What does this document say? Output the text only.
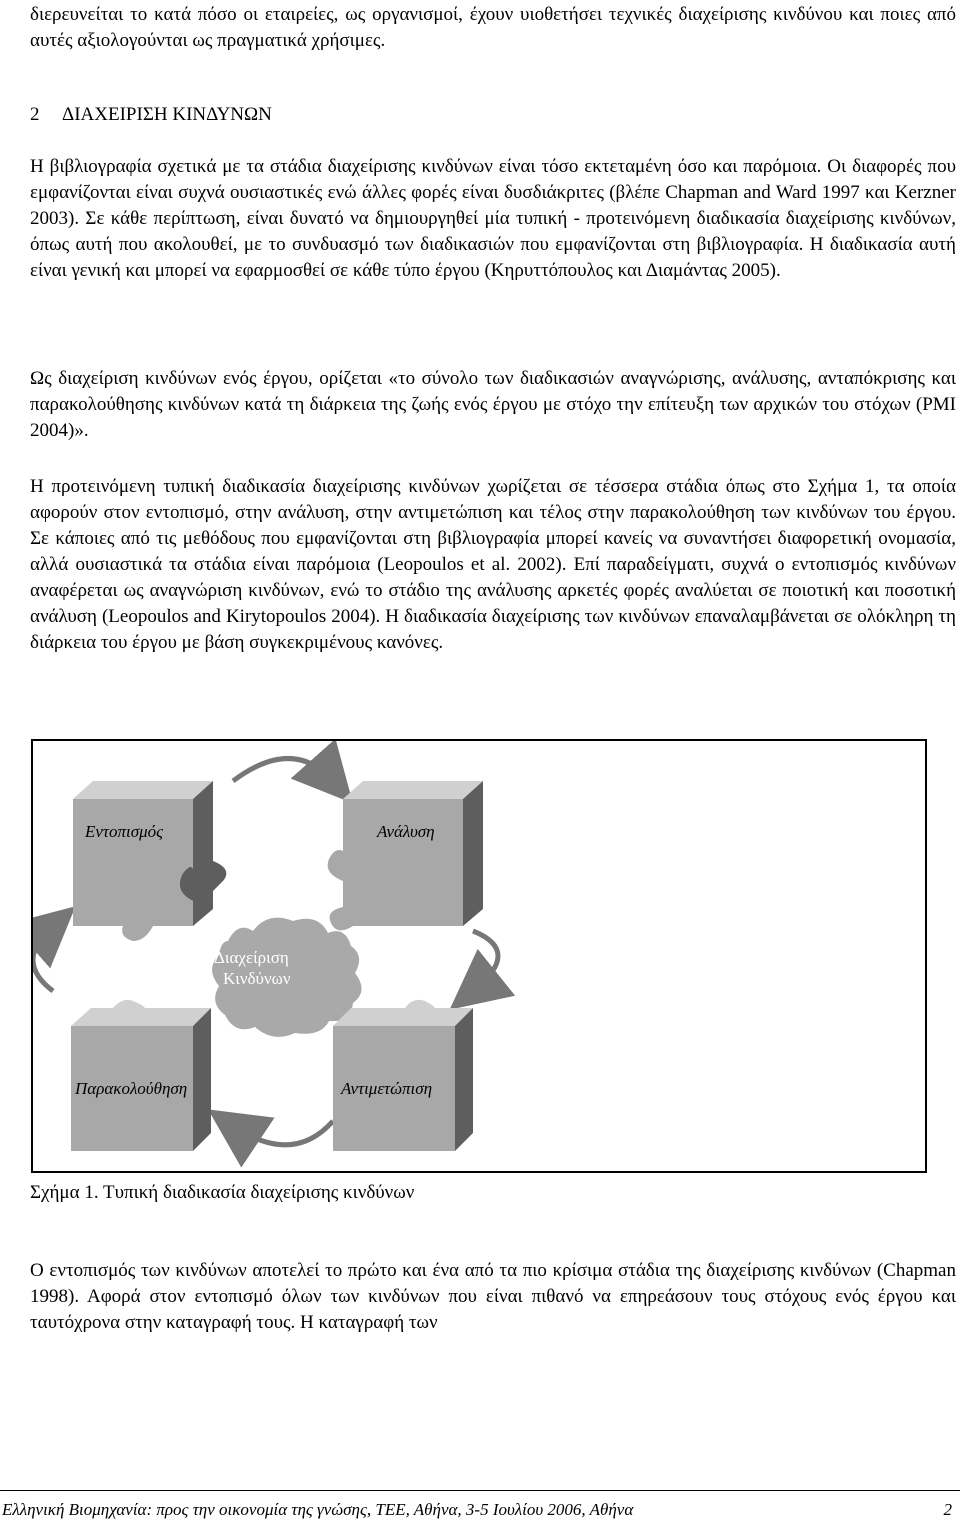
διερευνείται το κατά πόσο οι εταιρείες, ως οργανισμοί, έχουν υιοθετήσει τεχνικές διαχείρισης κινδύνου και ποιες από αυτές αξιολογούνται ως πραγματικά χρήσιμες.

2 ΔΙΑΧΕΙΡΙΣΗ ΚΙΝΔΥΝΩΝ

Η βιβλιογραφία σχετικά με τα στάδια διαχείρισης κινδύνων είναι τόσο εκτεταμένη όσο και παρόμοια. Οι διαφορές που εμφανίζονται είναι συχνά ουσιαστικές ενώ άλλες φορές είναι δυσδιάκριτες (βλέπε Chapman and Ward 1997 και Kerzner 2003). Σε κάθε περίπτωση, είναι δυνατό να δημιουργηθεί μία τυπική - προτεινόμενη διαδικασία διαχείρισης κινδύνων, όπως αυτή που ακολουθεί, με το συνδυασμό των διαδικασιών που εμφανίζονται στη βιβλιογραφία. Η διαδικασία αυτή είναι γενική και μπορεί να εφαρμοσθεί σε κάθε τύπο έργου (Κηρυττόπουλος και Διαμάντας 2005).

Ως διαχείριση κινδύνων ενός έργου, ορίζεται «το σύνολο των διαδικασιών αναγνώρισης, ανάλυσης, ανταπόκρισης και παρακολούθησης κινδύνων κατά τη διάρκεια της ζωής ενός έργου με στόχο την επίτευξη των αρχικών του στόχων (PMI 2004)».

Η προτεινόμενη τυπική διαδικασία διαχείρισης κινδύνων χωρίζεται σε τέσσερα στάδια όπως στο Σχήμα 1, τα οποία αφορούν στον εντοπισμό, στην ανάλυση, στην αντιμετώπιση και τέλος στην παρακολούθηση των κινδύνων του έργου. Σε κάποιες από τις μεθόδους που εμφανίζονται στη βιβλιογραφία μπορεί κανείς να συναντήσει διαφορετική ονομασία, αλλά ουσιαστικά τα στάδια είναι παρόμοια (Leopoulos et al. 2002). Επί παραδείγματι, συχνά ο εντοπισμός κινδύνων αναφέρεται ως αναγνώριση κινδύνων, ενώ το στάδιο της ανάλυσης αρκετές φορές αναλύεται σε ποιοτική και ποσοτική ανάλυση (Leopoulos and Kirytopoulos 2004). Η διαδικασία διαχείρισης των κινδύνων επαναλαμβάνεται σε ολόκληρη τη διάρκεια του έργου με βάση συγκεκριμένους κανόνες.

Εντοπισμός	Ανάλυση
Διαχείριση
Κινδύνων
Παρακολούθηση	Αντιμετώπιση

Σχήμα 1. Τυπική διαδικασία διαχείρισης κινδύνων

Ο εντοπισμός των κινδύνων αποτελεί το πρώτο και ένα από τα πιο κρίσιμα στάδια της διαχείρισης κινδύνων (Chapman 1998). Αφορά στον εντοπισμό όλων των κινδύνων που είναι πιθανό να επηρεάσουν τους στόχους ενός έργου και ταυτόχρονα στην καταγραφή τους. Η καταγραφή των

Ελληνική Βιομηχανία: προς την οικονομία της γνώσης, ΤΕΕ, Αθήνα, 3-5 Ιουλίου 2006, Αθήνα	2
